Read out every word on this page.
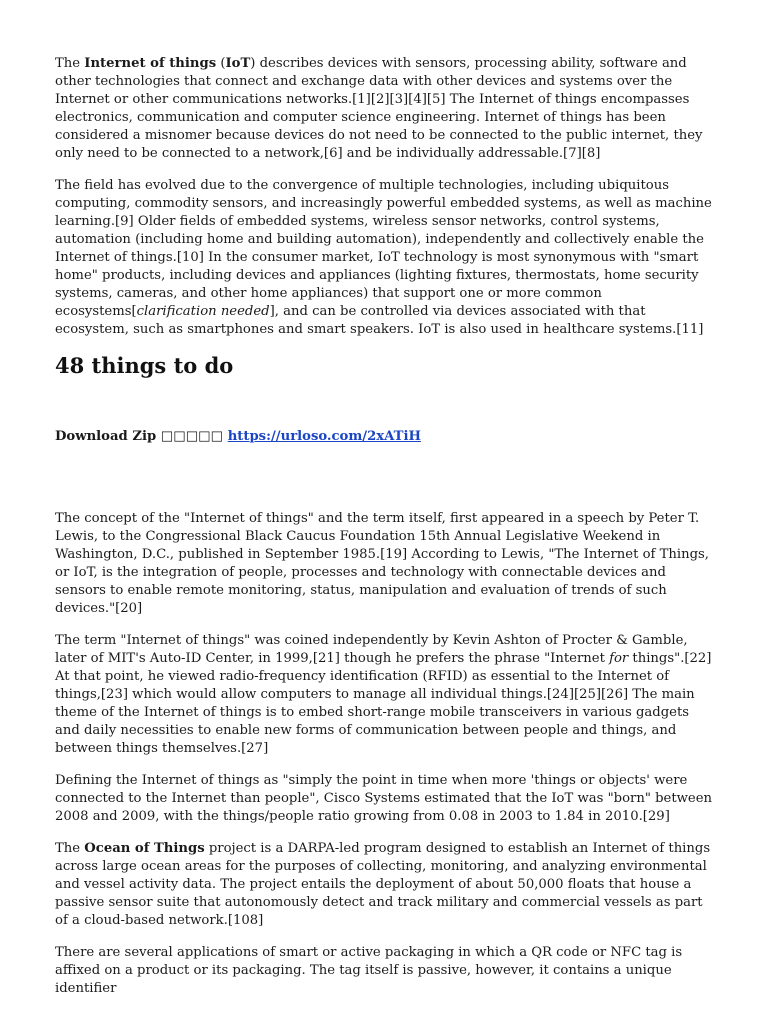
The Internet of things (IoT) describes devices with sensors, processing ability, software and other technologies that connect and exchange data with other devices and systems over the Internet or other communications networks.[1][2][3][4][5] The Internet of things encompasses electronics, communication and computer science engineering. Internet of things has been considered a misnomer because devices do not need to be connected to the public internet, they only need to be connected to a network,[6] and be individually addressable.[7][8]

The field has evolved due to the convergence of multiple technologies, including ubiquitous computing, commodity sensors, and increasingly powerful embedded systems, as well as machine learning.[9] Older fields of embedded systems, wireless sensor networks, control systems, automation (including home and building automation), independently and collectively enable the Internet of things.[10] In the consumer market, IoT technology is most synonymous with "smart home" products, including devices and appliances (lighting fixtures, thermostats, home security systems, cameras, and other home appliances) that support one or more common ecosystems[clarification needed], and can be controlled via devices associated with that ecosystem, such as smartphones and smart speakers. IoT is also used in healthcare systems.[11]

48 things to do
Download Zip □□□□□ https://urloso.com/2xATiH

The concept of the "Internet of things" and the term itself, first appeared in a speech by Peter T. Lewis, to the Congressional Black Caucus Foundation 15th Annual Legislative Weekend in Washington, D.C., published in September 1985.[19] According to Lewis, "The Internet of Things, or IoT, is the integration of people, processes and technology with connectable devices and sensors to enable remote monitoring, status, manipulation and evaluation of trends of such devices."[20]

The term "Internet of things" was coined independently by Kevin Ashton of Procter & Gamble, later of MIT's Auto-ID Center, in 1999,[21] though he prefers the phrase "Internet for things".[22] At that point, he viewed radio-frequency identification (RFID) as essential to the Internet of things,[23] which would allow computers to manage all individual things.[24][25][26] The main theme of the Internet of things is to embed short-range mobile transceivers in various gadgets and daily necessities to enable new forms of communication between people and things, and between things themselves.[27]

Defining the Internet of things as "simply the point in time when more 'things or objects' were connected to the Internet than people", Cisco Systems estimated that the IoT was "born" between 2008 and 2009, with the things/people ratio growing from 0.08 in 2003 to 1.84 in 2010.[29]

The Ocean of Things project is a DARPA-led program designed to establish an Internet of things across large ocean areas for the purposes of collecting, monitoring, and analyzing environmental and vessel activity data. The project entails the deployment of about 50,000 floats that house a passive sensor suite that autonomously detect and track military and commercial vessels as part of a cloud-based network.[108]

There are several applications of smart or active packaging in which a QR code or NFC tag is affixed on a product or its packaging. The tag itself is passive, however, it contains a unique identifier
